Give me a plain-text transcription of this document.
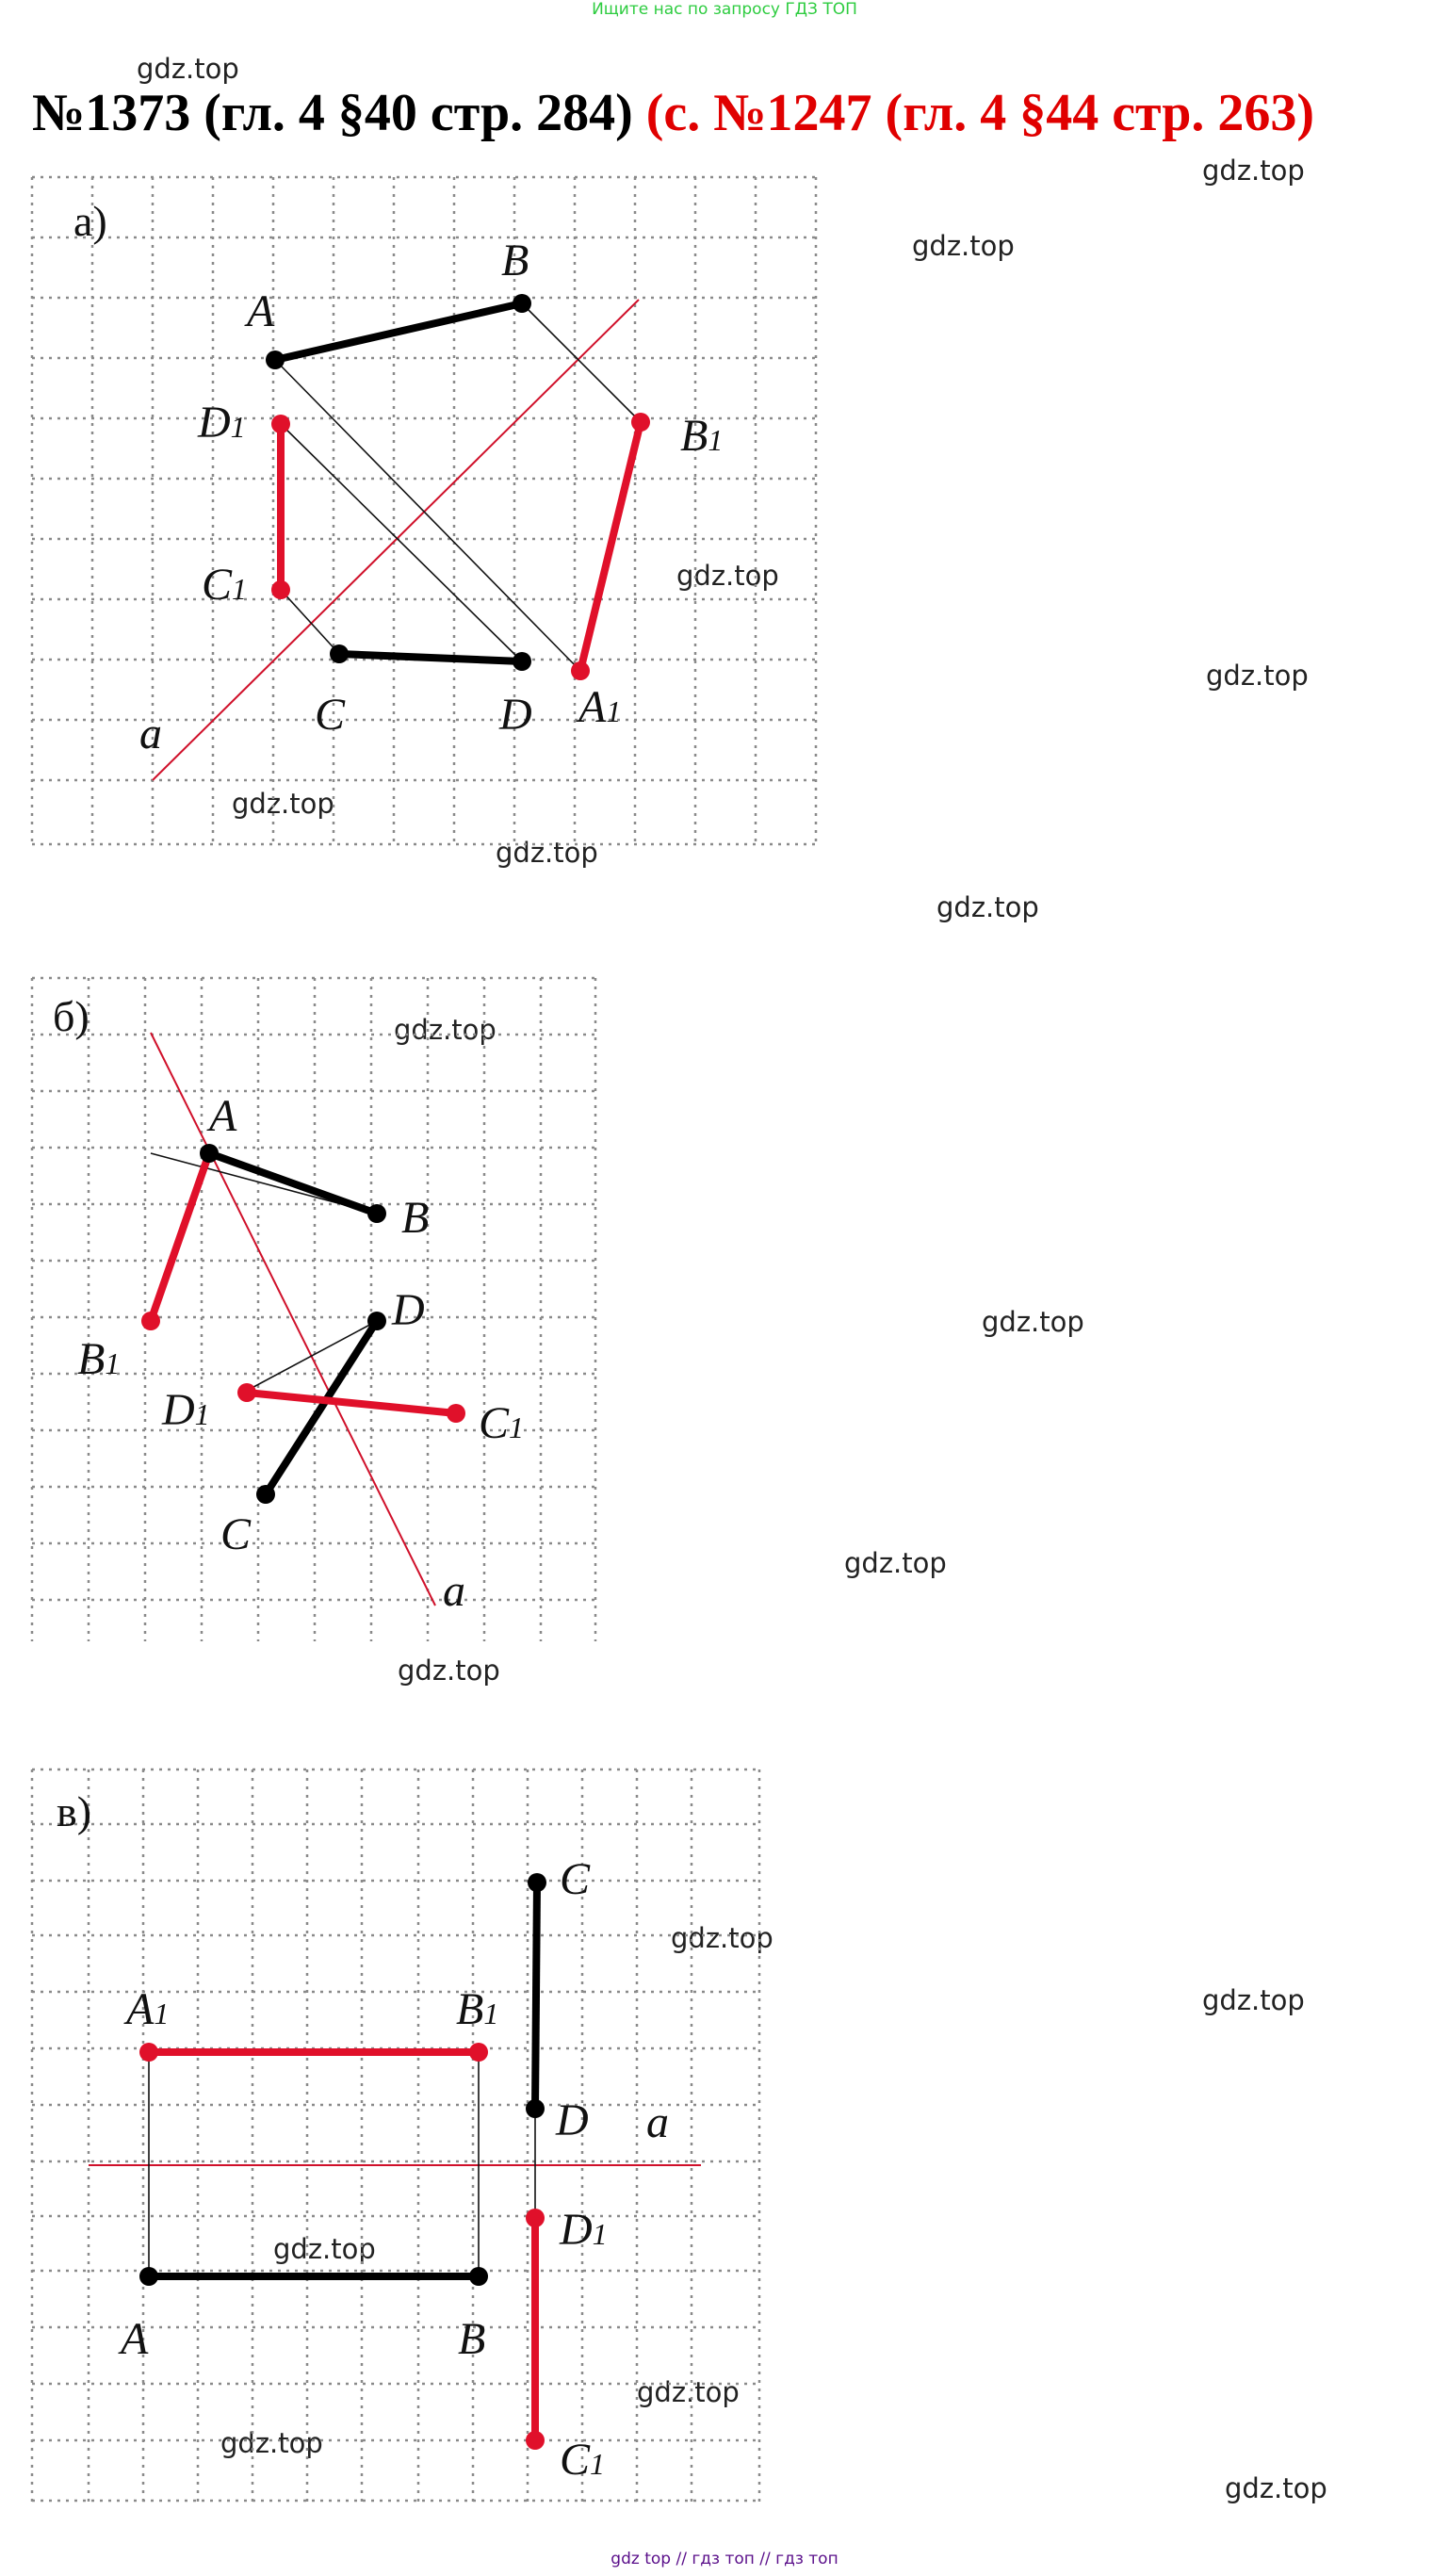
Ищите нас по запросу ГДЗ ТОП
№1373 (гл. 4 §40 стр. 284) (с. №1247 (гл. 4 §44 стр. 263)
gdz.top
gdz.top
gdz.top
gdz.top
gdz.top
gdz.top
gdz.top
gdz.top
gdz.top
gdz.top
gdz.top
gdz.top
gdz.top
gdz.top
gdz.top
gdz.top
gdz.top
gdz.top
а)
A
B
C	D A1
B1
C1
D1
a
б)
A
B
C
D
B1
C1
D1
a
в)
A	B
C
D
A1	B1
C1
D1
a
gdz top // гдз топ // гдз топ
